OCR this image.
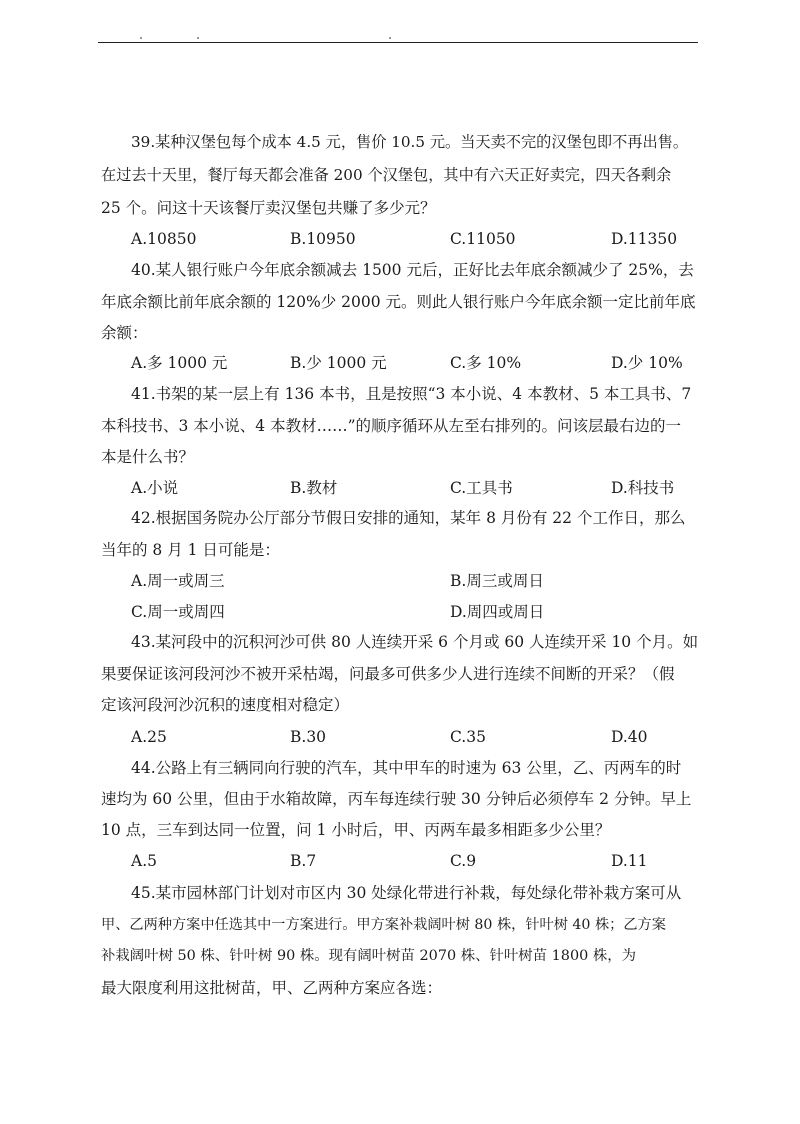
39.某种汉堡包每个成本 4.5 元，售价 10.5 元。当天卖不完的汉堡包即不再出售。
在过去十天里，餐厅每天都会准备 200 个汉堡包，其中有六天正好卖完，四天各剩余
25 个。问这十天该餐厅卖汉堡包共赚了多少元？
A.10850	B.10950	C.11050	D.11350
40.某人银行账户今年底余额减去 1500 元后，正好比去年底余额减少了 25%，去
年底余额比前年底余额的 120%少 2000 元。则此人银行账户今年底余额一定比前年底
余额：
A.多 1000 元	B.少 1000 元	C.多 10%	D.少 10%
41.书架的某一层上有 136 本书，且是按照“3 本小说、4 本教材、5 本工具书、7
本科技书、3 本小说、4 本教材……”的顺序循环从左至右排列的。问该层最右边的一
本是什么书？
A.小说	B.教材	C.工具书	D.科技书
42.根据国务院办公厅部分节假日安排的通知，某年 8 月份有 22 个工作日，那么
当年的 8 月 1 日可能是：
A.周一或周三	B.周三或周日
C.周一或周四	D.周四或周日
43.某河段中的沉积河沙可供 80 人连续开采 6 个月或 60 人连续开采 10 个月。如
果要保证该河段河沙不被开采枯竭，问最多可供多少人进行连续不间断的开采？（假
定该河段河沙沉积的速度相对稳定）
A.25	B.30	C.35	D.40
44.公路上有三辆同向行驶的汽车，其中甲车的时速为 63 公里，乙、丙两车的时
速均为 60 公里，但由于水箱故障，丙车每连续行驶 30 分钟后必须停车 2 分钟。早上
10 点，三车到达同一位置，问 1 小时后，甲、丙两车最多相距多少公里？
A.5	B.7	C.9	D.11
45.某市园林部门计划对市区内 30 处绿化带进行补栽，每处绿化带补栽方案可从
甲、乙两种方案中任选其中一方案进行。甲方案补栽阔叶树 80 株，针叶树 40 株；乙方案
补栽阔叶树 50 株、针叶树 90 株。现有阔叶树苗 2070 株、针叶树苗 1800 株，为
最大限度利用这批树苗，甲、乙两种方案应各选：
